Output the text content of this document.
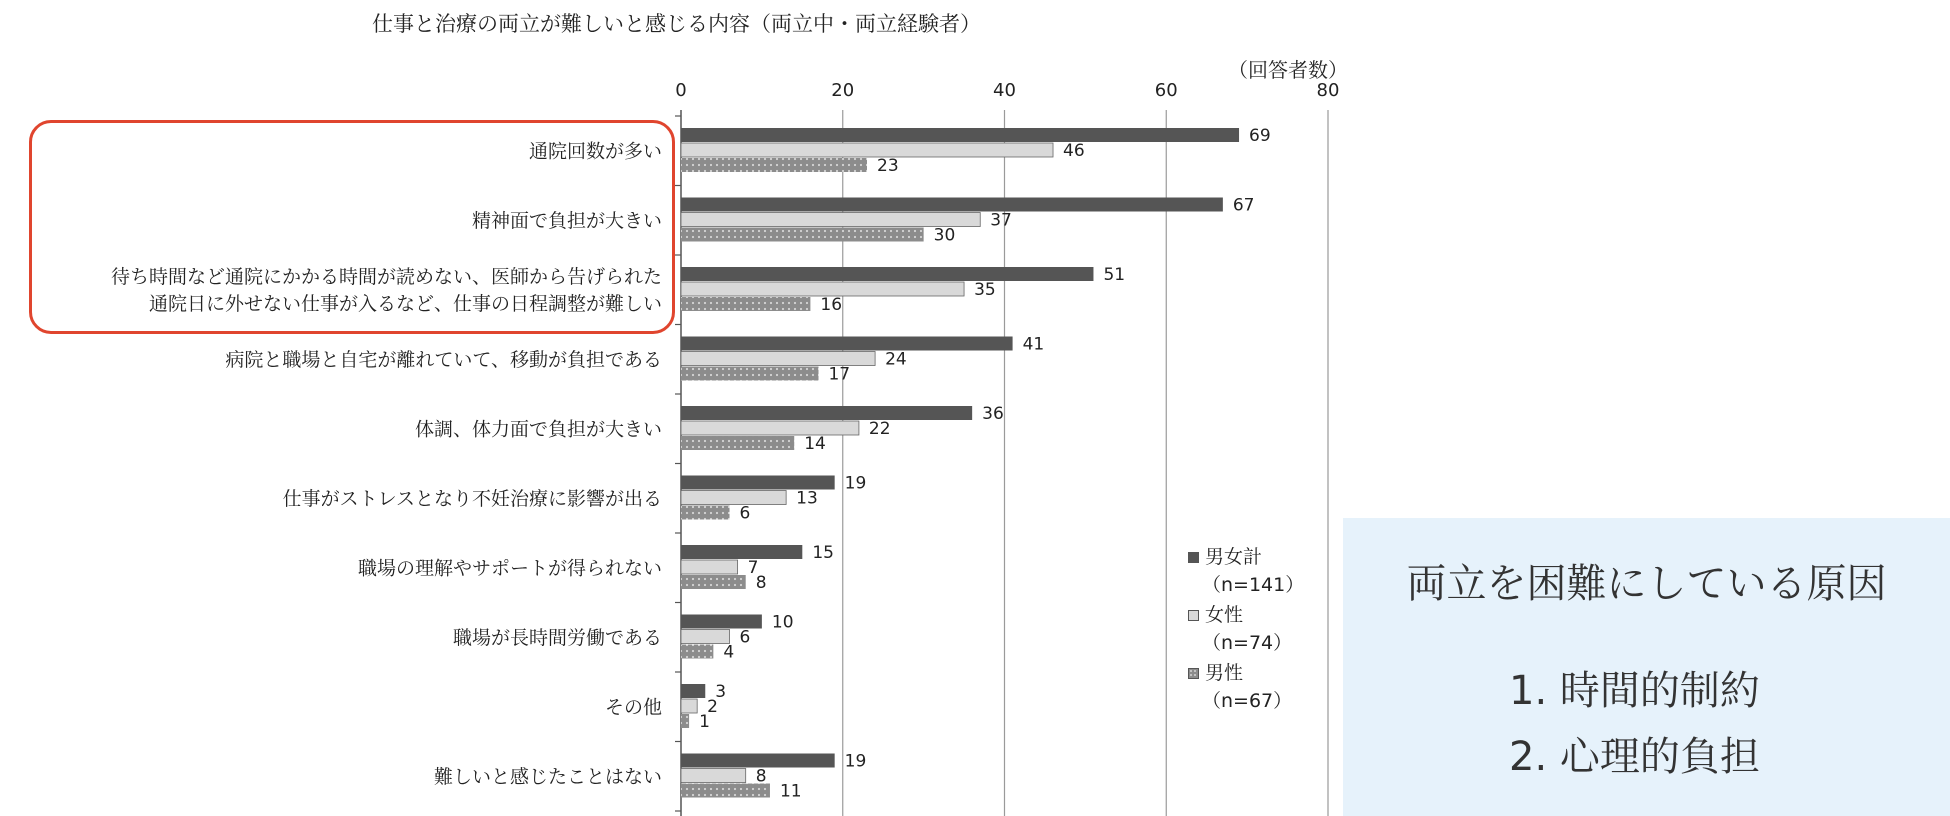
仕事と治療の両立が難しいと感じる内容（両立中・両立経験者）
（回答者数）
0	20	40	60	80
通院回数が多い
精神面で負担が大きい
待ち時間など通院にかかる時間が読めない、医師から告げられた
通院日に外せない仕事が入るなど、仕事の日程調整が難しい
病院と職場と自宅が離れていて、移動が負担である
体調、体力面で負担が大きい
仕事がストレスとなり不妊治療に影響が出る
職場の理解やサポートが得られない
職場が長時間労働である
その他
難しいと感じたことはない
69
67
51
41
36
19
15
10
3
19
46
37
35
24
22
13
7
6
2
8
23
30
16
17
14
6
8
4
1
11
男女計
（n=141）
女性
（n=74）
男性
（n=67）
両立を困難にしている原因
1. 時間的制約
2. 心理的負担
